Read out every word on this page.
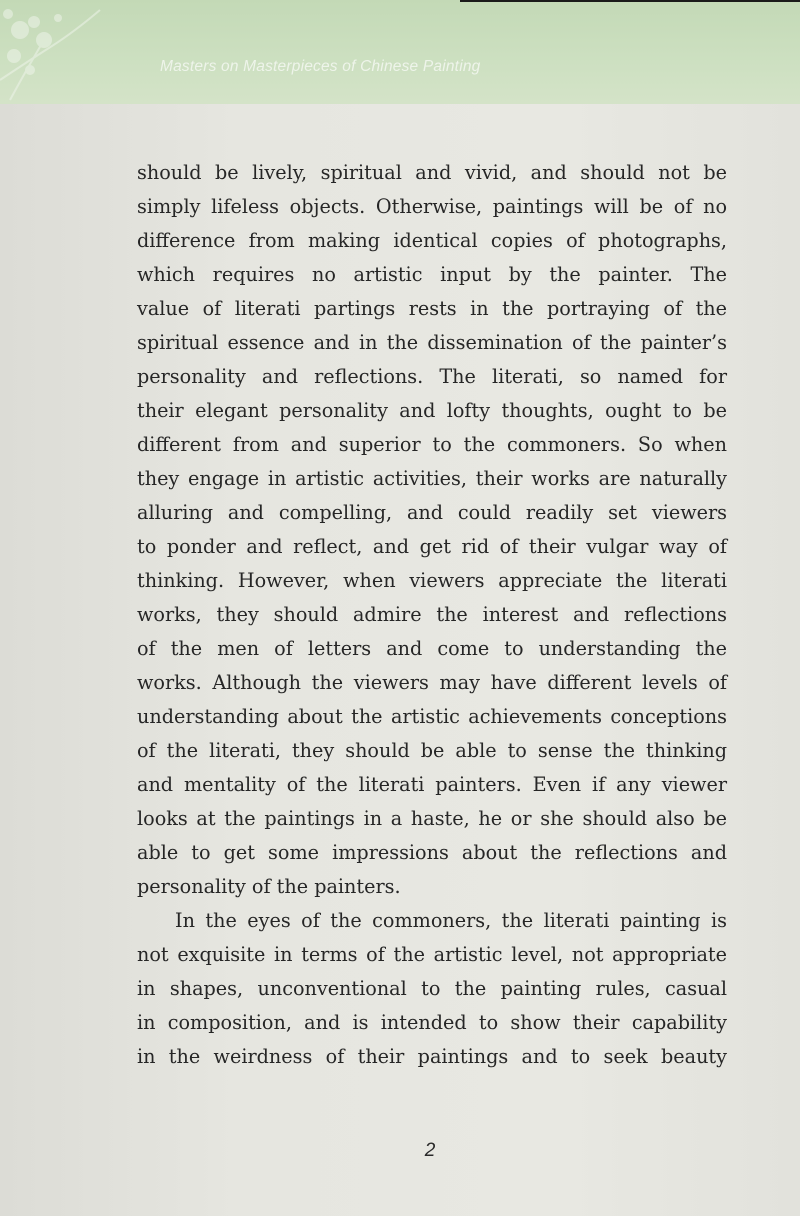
Masters on Masterpieces of Chinese Painting
should be lively, spiritual and vivid, and should not be
simply lifeless objects. Otherwise, paintings will be of no
difference from making identical copies of photographs,
which requires no artistic input by the painter. The
value of literati partings rests in the portraying of the
spiritual essence and in the dissemination of the painter’s
personality and reflections. The literati, so named for
their elegant personality and lofty thoughts, ought to be
different from and superior to the commoners. So when
they engage in artistic activities, their works are naturally
alluring and compelling, and could readily set viewers
to ponder and reflect, and get rid of their vulgar way of
thinking. However, when viewers appreciate the literati
works, they should admire the interest and reflections
of the men of letters and come to understanding the
works. Although the viewers may have different levels of
understanding about the artistic achievements conceptions
of the literati, they should be able to sense the thinking
and mentality of the literati painters. Even if any viewer
looks at the paintings in a haste, he or she should also be
able to get some impressions about the reflections and
personality of the painters.
In the eyes of the commoners, the literati painting is
not exquisite in terms of the artistic level, not appropriate
in shapes, unconventional to the painting rules, casual
in composition, and is intended to show their capability
in the weirdness of their paintings and to seek beauty
2
